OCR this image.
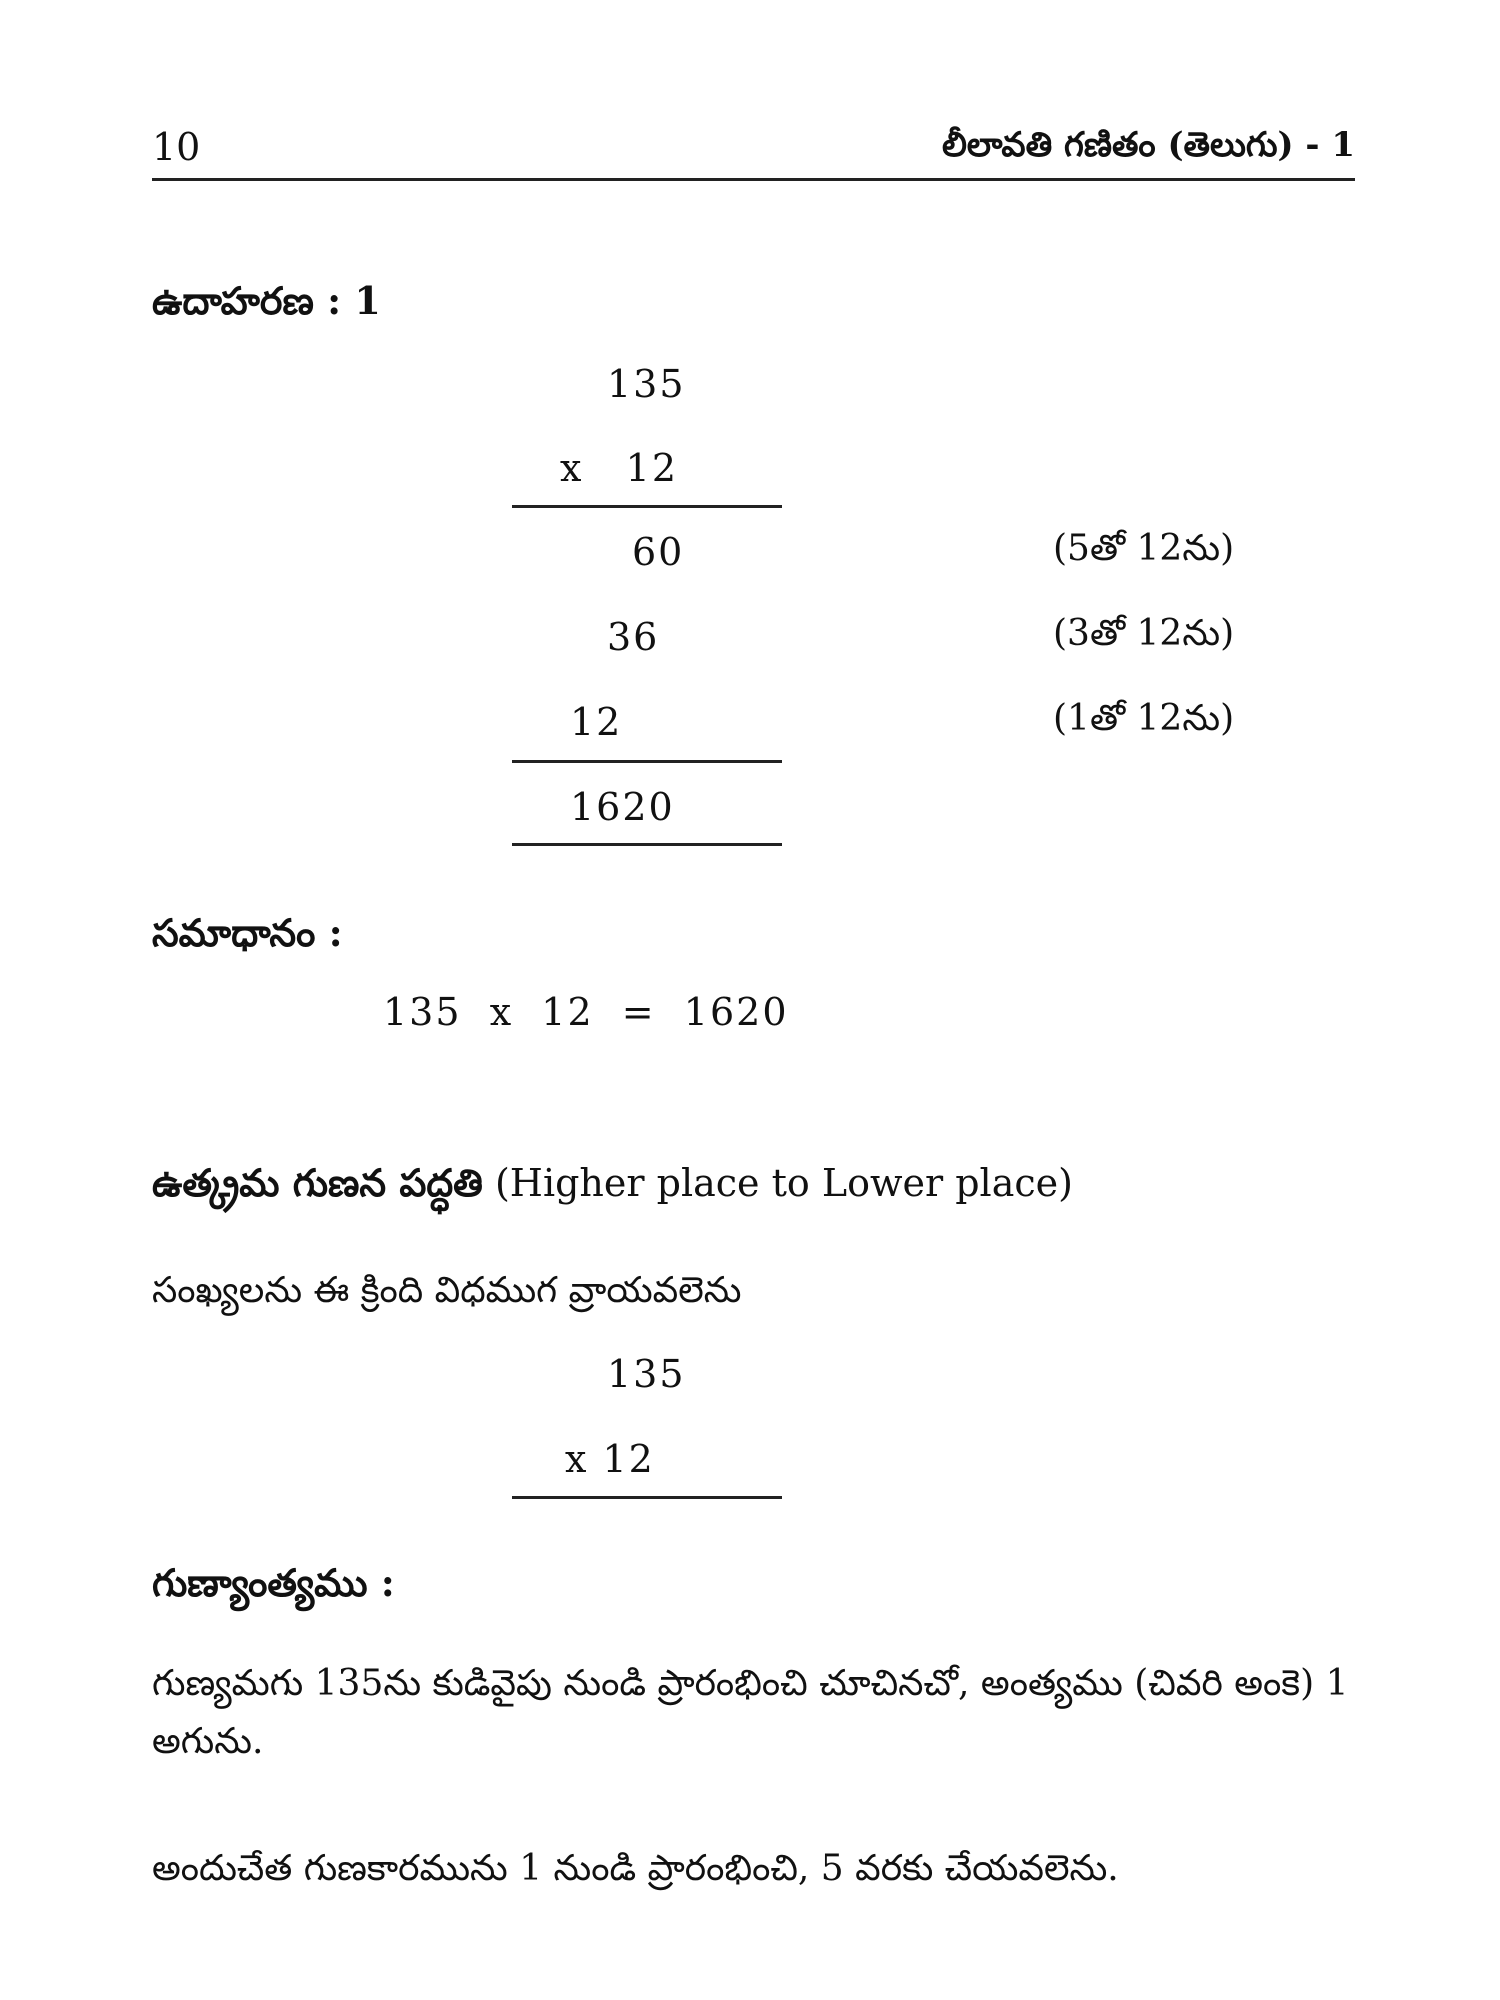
10	లీలావతి గణితం (తెలుగు) - 1
ఉదాహరణ : 1
135
x   12
60	(5తో 12ను)
36	(3తో 12ను)
12	(1తో 12ను)
1620
సమాధానం :
135  x  12  =  1620
ఉత్క్రమ గుణన పద్ధతి (Higher place to Lower place)
సంఖ్యలను ఈ క్రింది విధముగ వ్రాయవలెను
135
x 12
గుణ్యాంత్యము :
గుణ్యమగు 135ను కుడివైపు నుండి ప్రారంభించి చూచినచో, అంత్యము (చివరి అంకె) 1 అగును.
అందుచేత గుణకారమును 1 నుండి ప్రారంభించి, 5 వరకు చేయవలెను.
